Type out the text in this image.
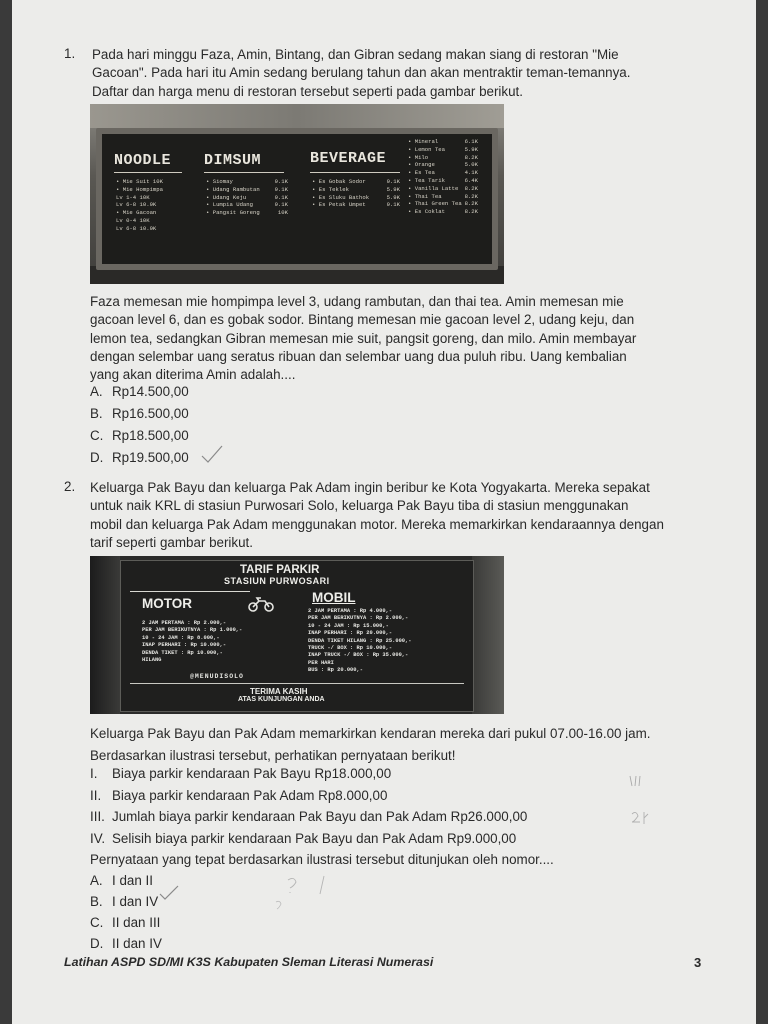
1. Pada hari minggu Faza, Amin, Bintang, dan Gibran sedang makan siang di restoran "Mie
Gacoan". Pada hari itu Amin sedang berulang tahun dan akan mentraktir teman-temannya.
Daftar dan harga menu di restoran tersebut seperti pada gambar berikut.
NOODLE
• Mie Suit 10K
• Mie Hompimpa
Lv 1-4 10K
Lv 6-8 10.9K
• Mie Gacoan
Lv 0-4 10K
Lv 6-8 10.9K
DIMSUM
• Siomay
• Udang Rambutan
• Udang Keju
• Lumpia Udang
• Pangsit Goreng
9.1K
9.1K
9.1K
9.1K
10K
BEVERAGE
• Es Gobak Sodor
• Es Teklek
• Es Sluku Bathok
• Es Petak Umpet
9.1K
5.9K
5.9K
9.1K
• Mineral
• Lemon Tea
• Milo
• Orange
• Es Tea
• Tea Tarik
• Vanilla Latte
• Thai Tea
• Thai Green Tea
• Es Coklat
6.1K
5.9K
8.2K
5.0K
4.1K
6.4K
8.2K
8.2K
8.2K
8.2K
Faza memesan mie hompimpa level 3, udang rambutan, dan thai tea. Amin memesan mie
gacoan level 6, dan es gobak sodor. Bintang memesan mie gacoan level 2, udang keju, dan
lemon tea, sedangkan Gibran memesan mie suit, pangsit goreng, dan milo. Amin membayar
dengan selembar uang seratus ribuan dan selembar uang dua puluh ribu. Uang kembalian
yang akan diterima Amin adalah....
A. Rp14.500,00
B. Rp16.500,00
C. Rp18.500,00
D. Rp19.500,00
2. Keluarga Pak Bayu dan keluarga Pak Adam ingin beribur ke Kota Yogyakarta. Mereka sepakat
untuk naik KRL di stasiun Purwosari Solo, keluarga Pak Bayu tiba di stasiun menggunakan
mobil dan keluarga Pak Adam menggunakan motor. Mereka memarkirkan kendaraannya dengan
tarif seperti gambar berikut.
TARIF PARKIR
STASIUN PURWOSARI
MOTOR	MOBIL
2 JAM PERTAMA : Rp 2.000,-
PER JAM BERIKUTNYA : Rp 1.000,-
10 - 24 JAM : Rp 8.000,-
INAP PERHARI : Rp 10.000,-
DENDA TIKET : Rp 10.000,-
HILANG
2 JAM PERTAMA : Rp 4.000,-
PER JAM BERIKUTNYA : Rp 2.000,-
10 - 24 JAM : Rp 15.000,-
INAP PERHARI : Rp 20.000,-
DENDA TIKET HILANG : Rp 25.000,-
TRUCK -/ BOX : Rp 10.000,-
INAP TRUCK -/ BOX : Rp 35.000,-
PER HARI
BUS : Rp 20.000,-
@MENUDISOLO
TERIMA KASIH
ATAS KUNJUNGAN ANDA
Keluarga Pak Bayu dan Pak Adam memarkirkan kendaran mereka dari pukul 07.00-16.00 jam.
Berdasarkan ilustrasi tersebut, perhatikan pernyataan berikut!
I. Biaya parkir kendaraan Pak Bayu Rp18.000,00
II. Biaya parkir kendaraan Pak Adam Rp8.000,00
III. Jumlah biaya parkir kendaraan Pak Bayu dan Pak Adam Rp26.000,00
IV. Selisih biaya parkir kendaraan Pak Bayu dan Pak Adam Rp9.000,00
Pernyataan yang tepat berdasarkan ilustrasi tersebut ditunjukan oleh nomor....
A. I dan II
B. I dan IV
C. II dan III
D. II dan IV
Latihan ASPD SD/MI K3S Kabupaten Sleman Literasi Numerasi	3
